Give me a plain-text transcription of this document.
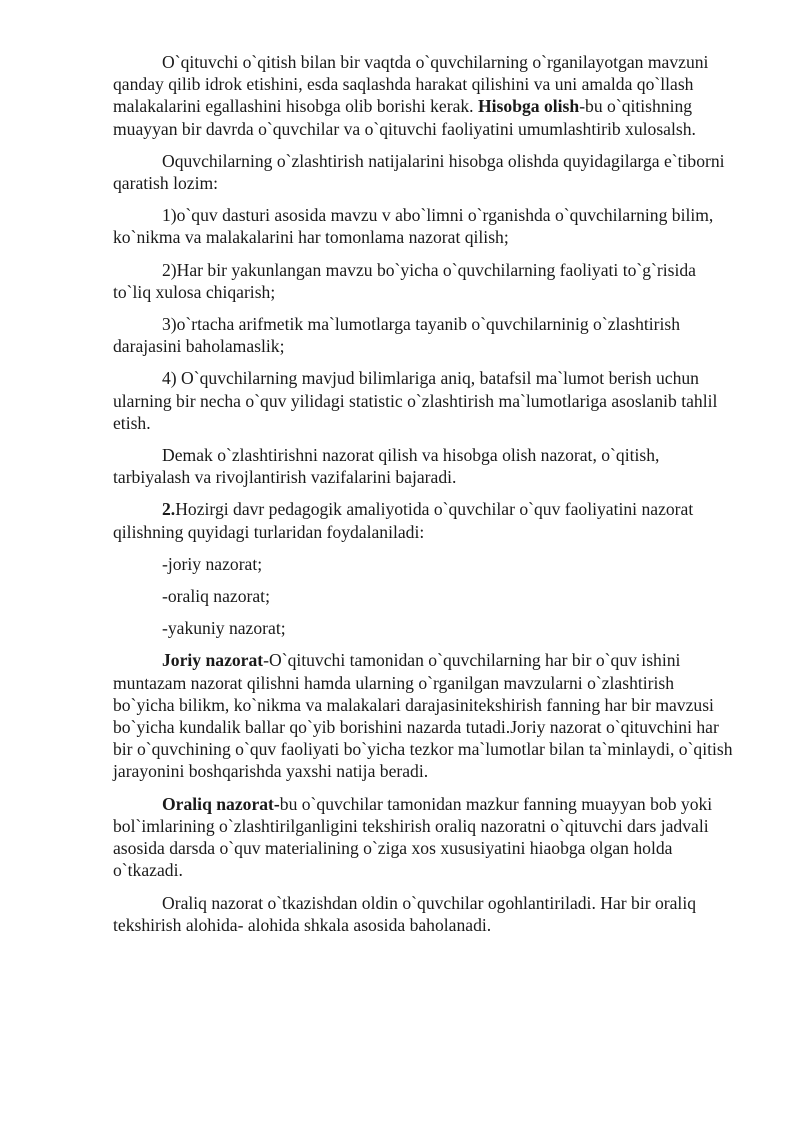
O`qituvchi o`qitish bilan bir vaqtda o`quvchilarning o`rganilayotgan mavzuni qanday qilib idrok etishini, esda saqlashda harakat qilishini va uni amalda qo`llash malakalarini egallashini hisobga olib borishi kerak. Hisobga olish-bu o`qitishning muayyan bir davrda o`quvchilar va o`qituvchi faoliyatini umumlashtirib xulosalsh.

Oquvchilarning o`zlashtirish natijalarini hisobga olishda quyidagilarga e`tiborni qaratish lozim:

1)o`quv dasturi asosida mavzu v abo`limni o`rganishda o`quvchilarning bilim, ko`nikma va malakalarini har tomonlama nazorat qilish;

2)Har bir yakunlangan mavzu bo`yicha o`quvchilarning faoliyati to`g`risida to`liq xulosa chiqarish;

3)o`rtacha arifmetik ma`lumotlarga tayanib o`quvchilarninig o`zlashtirish darajasini baholamaslik;

4) O`quvchilarning mavjud bilimlariga aniq, batafsil ma`lumot berish uchun ularning bir necha o`quv yilidagi statistic o`zlashtirish ma`lumotlariga asoslanib tahlil etish.

Demak o`zlashtirishni nazorat qilish va hisobga olish nazorat, o`qitish, tarbiyalash va rivojlantirish vazifalarini bajaradi.

2.Hozirgi davr pedagogik amaliyotida o`quvchilar o`quv faoliyatini nazorat qilishning quyidagi turlaridan foydalaniladi:

-joriy nazorat;

-oraliq nazorat;

-yakuniy nazorat;

Joriy nazorat-O`qituvchi tamonidan o`quvchilarning har bir o`quv ishini muntazam nazorat qilishni hamda ularning o`rganilgan mavzularni o`zlashtirish bo`yicha bilikm, ko`nikma va malakalari darajasinitekshirish fanning har bir mavzusi bo`yicha kundalik ballar qo`yib borishini nazarda tutadi.Joriy nazorat o`qituvchini har bir o`quvchining o`quv faoliyati bo`yicha tezkor ma`lumotlar bilan ta`minlaydi, o`qitish jarayonini boshqarishda yaxshi natija beradi.

Oraliq nazorat-bu o`quvchilar tamonidan mazkur fanning muayyan bob yoki bol`imlarining o`zlashtirilganligini tekshirish oraliq nazoratni o`qituvchi dars jadvali asosida darsda o`quv materialining o`ziga xos xususiyatini hiaobga olgan holda o`tkazadi.

Oraliq nazorat o`tkazishdan oldin o`quvchilar ogohlantiriladi. Har bir oraliq tekshirish alohida- alohida shkala asosida baholanadi.
